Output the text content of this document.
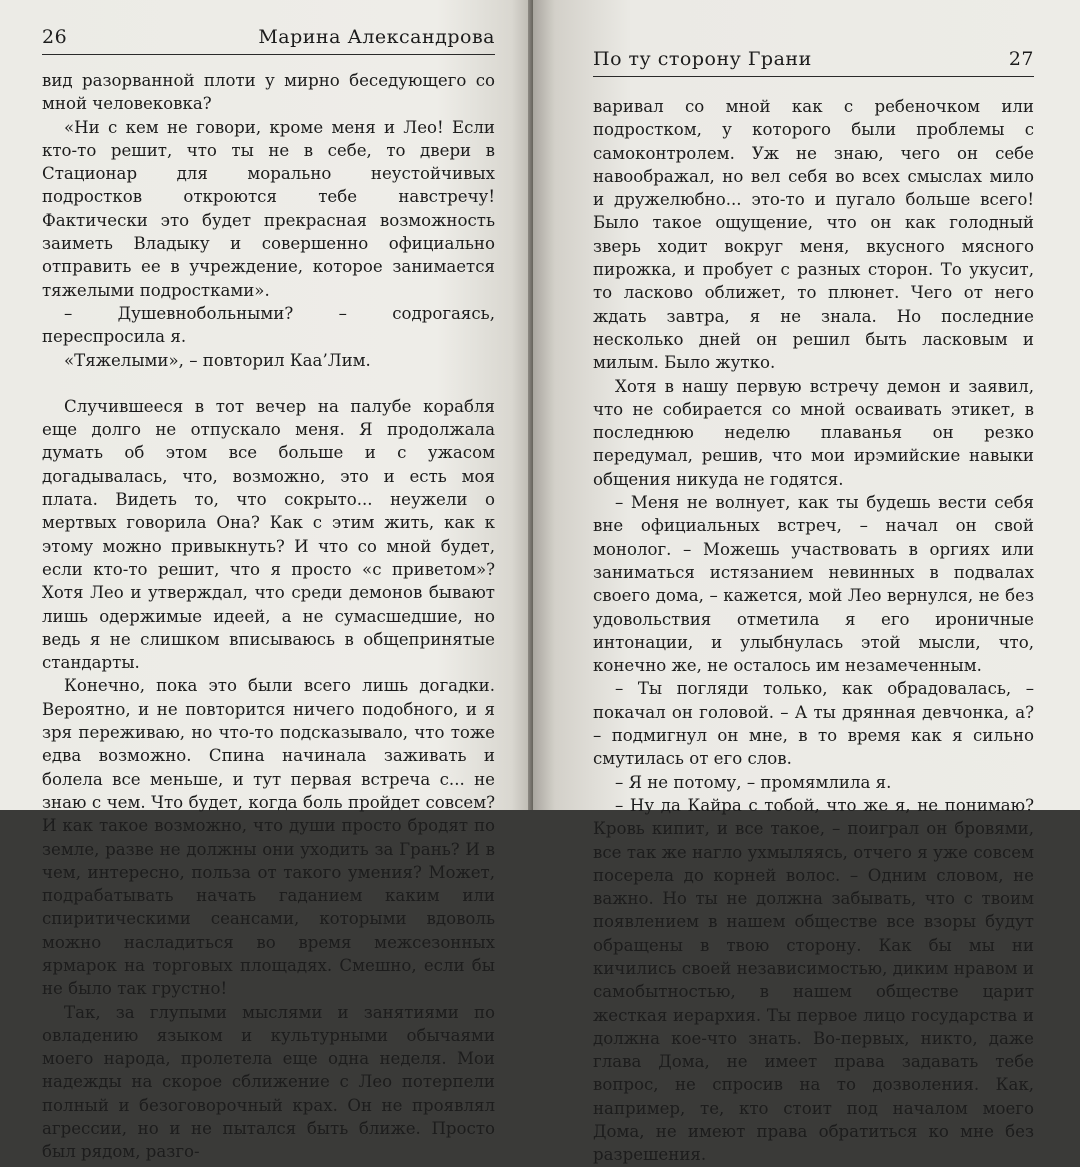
26	Марина Александрова

вид разорванной плоти у мирно беседующего со мной человековка?

«Ни с кем не говори, кроме меня и Лео! Если кто-то решит, что ты не в себе, то двери в Стационар для морально неустойчивых подростков откроются тебе навстречу! Фактически это будет прекрасная возможность заиметь Владыку и совершенно официально отправить ее в учреждение, которое занимается тяжелыми подростками».

– Душевнобольными? – содрогаясь, переспросила я.

«Тяжелыми», – повторил Каа’Лим.

Случившееся в тот вечер на палубе корабля еще долго не отпускало меня. Я продолжала думать об этом все больше и с ужасом догадывалась, что, возможно, это и есть моя плата. Видеть то, что сокрыто... неужели о мертвых говорила Она? Как с этим жить, как к этому можно привыкнуть? И что со мной будет, если кто-то решит, что я просто «с приветом»? Хотя Лео и утверждал, что среди демонов бывают лишь одержимые идеей, а не сумасшедшие, но ведь я не слишком вписываюсь в общепринятые стандарты.

Конечно, пока это были всего лишь догадки. Вероятно, и не повторится ничего подобного, и я зря переживаю, но что-то подсказывало, что тоже едва возможно. Спина начинала заживать и болела все меньше, и тут первая встреча с... не знаю с чем. Что будет, когда боль пройдет совсем? И как такое возможно, что души просто бродят по земле, разве не должны они уходить за Грань? И в чем, интересно, польза от такого умения? Может, подрабатывать начать гаданием каким или спиритическими сеансами, которыми вдоволь можно насладиться во время межсезонных ярмарок на торговых площадях. Смешно, если бы не было так грустно!

Так, за глупыми мыслями и занятиями по овладению языком и культурными обычаями моего народа, пролетела еще одна неделя. Мои надежды на скорое сближение с Лео потерпели полный и безоговорочный крах. Он не проявлял агрессии, но и не пытался быть ближе. Просто был рядом, разго-

По ту сторону Грани	27

варивал со мной как с ребеночком или подростком, у которого были проблемы с самоконтролем. Уж не знаю, чего он себе навоображал, но вел себя во всех смыслах мило и дружелюбно... это-то и пугало больше всего! Было такое ощущение, что он как голодный зверь ходит вокруг меня, вкусного мясного пирожка, и пробует с разных сторон. То укусит, то ласково оближет, то плюнет. Чего от него ждать завтра, я не знала. Но последние несколько дней он решил быть ласковым и милым. Было жутко.

Хотя в нашу первую встречу демон и заявил, что не собирается со мной осваивать этикет, в последнюю неделю плаванья он резко передумал, решив, что мои ирэмийские навыки общения никуда не годятся.

– Меня не волнует, как ты будешь вести себя вне официальных встреч, – начал он свой монолог. – Можешь участвовать в оргиях или заниматься истязанием невинных в подвалах своего дома, – кажется, мой Лео вернулся, не без удовольствия отметила я его ироничные интонации, и улыбнулась этой мысли, что, конечно же, не осталось им незамеченным.

– Ты погляди только, как обрадовалась, – покачал он головой. – А ты дрянная девчонка, а? – подмигнул он мне, в то время как я сильно смутилась от его слов.

– Я не потому, – промямлила я.

– Ну да Кайра с тобой, что же я, не понимаю? Кровь кипит, и все такое, – поиграл он бровями, все так же нагло ухмыляясь, отчего я уже совсем посерела до корней волос. – Одним словом, не важно. Но ты не должна забывать, что с твоим появлением в нашем обществе все взоры будут обращены в твою сторону. Как бы мы ни кичились своей независимостью, диким нравом и самобытностью, в нашем обществе царит жесткая иерархия. Ты первое лицо государства и должна кое-что знать. Во-первых, никто, даже глава Дома, не имеет права задавать тебе вопрос, не спросив на то дозволения. Как, например, те, кто стоит под началом моего Дома, не имеют права обратиться ко мне без разрешения.
